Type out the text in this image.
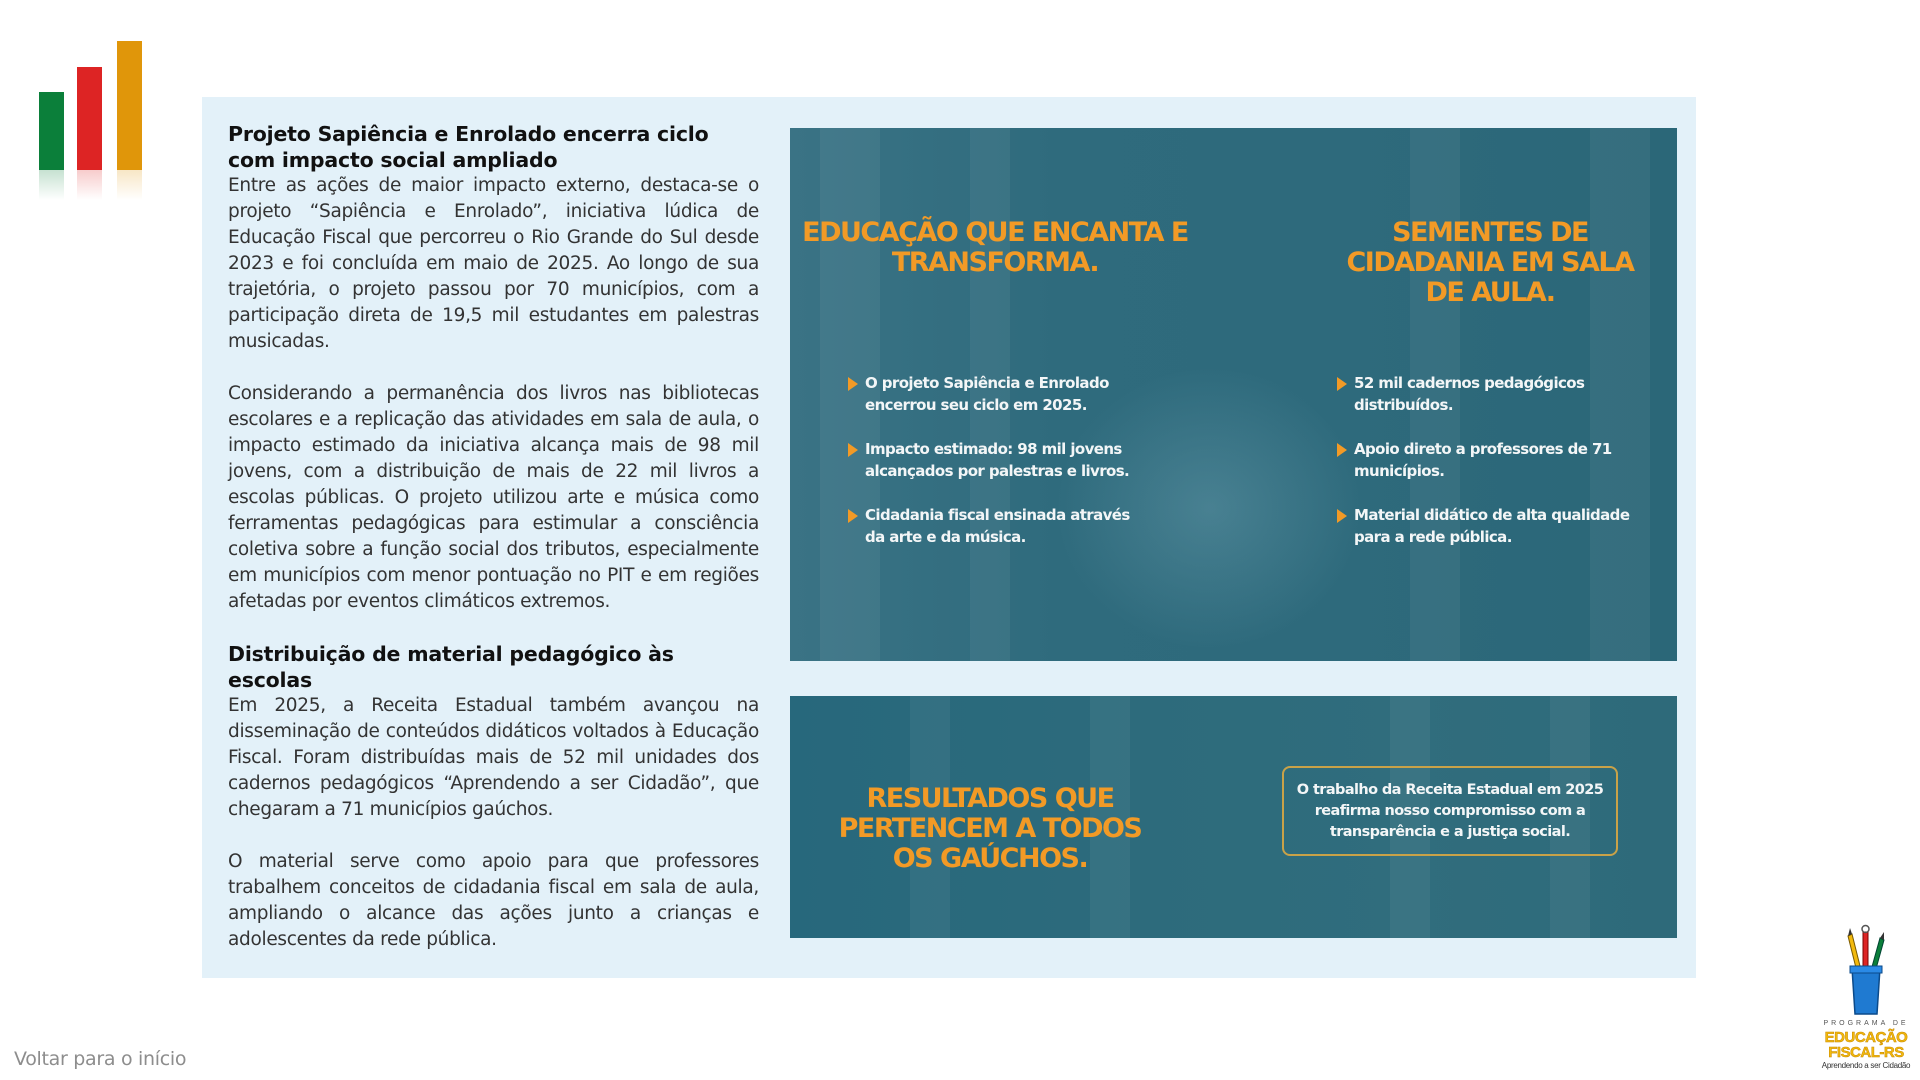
Projeto Sapiência e Enrolado encerra ciclo com impacto social ampliado

Entre as ações de maior impacto externo, destaca-se o projeto “Sapiência e Enrolado”, iniciativa lúdica de Educação Fiscal que percorreu o Rio Grande do Sul desde 2023 e foi concluída em maio de 2025. Ao longo de sua trajetória, o projeto passou por 70 municípios, com a participação direta de 19,5 mil estudantes em palestras musicadas.

Considerando a permanência dos livros nas bibliotecas escolares e a replicação das atividades em sala de aula, o impacto estimado da iniciativa alcança mais de 98 mil jovens, com a distribuição de mais de 22 mil livros a escolas públicas. O projeto utilizou arte e música como ferramentas pedagógicas para estimular a consciência coletiva sobre a função social dos tributos, especialmente em municípios com menor pontuação no PIT e em regiões afetadas por eventos climáticos extremos.

Distribuição de material pedagógico às escolas

Em 2025, a Receita Estadual também avançou na disseminação de conteúdos didáticos voltados à Educação Fiscal. Foram distribuídas mais de 52 mil unidades dos cadernos pedagógicos “Aprendendo a ser Cidadão”, que chegaram a 71 municípios gaúchos.

O material serve como apoio para que professores trabalhem conceitos de cidadania fiscal em sala de aula, ampliando o alcance das ações junto a crianças e adolescentes da rede pública.

EDUCAÇÃO QUE ENCANTA E TRANSFORMA.
O projeto Sapiência e Enrolado encerrou seu ciclo em 2025.
Impacto estimado: 98 mil jovens alcançados por palestras e livros.
Cidadania fiscal ensinada através da arte e da música.
SEMENTES DE CIDADANIA EM SALA DE AULA.
52 mil cadernos pedagógicos distribuídos.
Apoio direto a professores de 71 municípios.
Material didático de alta qualidade para a rede pública.
RESULTADOS QUE PERTENCEM A TODOS OS GAÚCHOS.
O trabalho da Receita Estadual em 2025 reafirma nosso compromisso com a transparência e a justiça social.
Voltar para o início
PROGRAMA DE
EDUCAÇÃO
FISCAL-RS
Aprendendo a ser Cidadão
